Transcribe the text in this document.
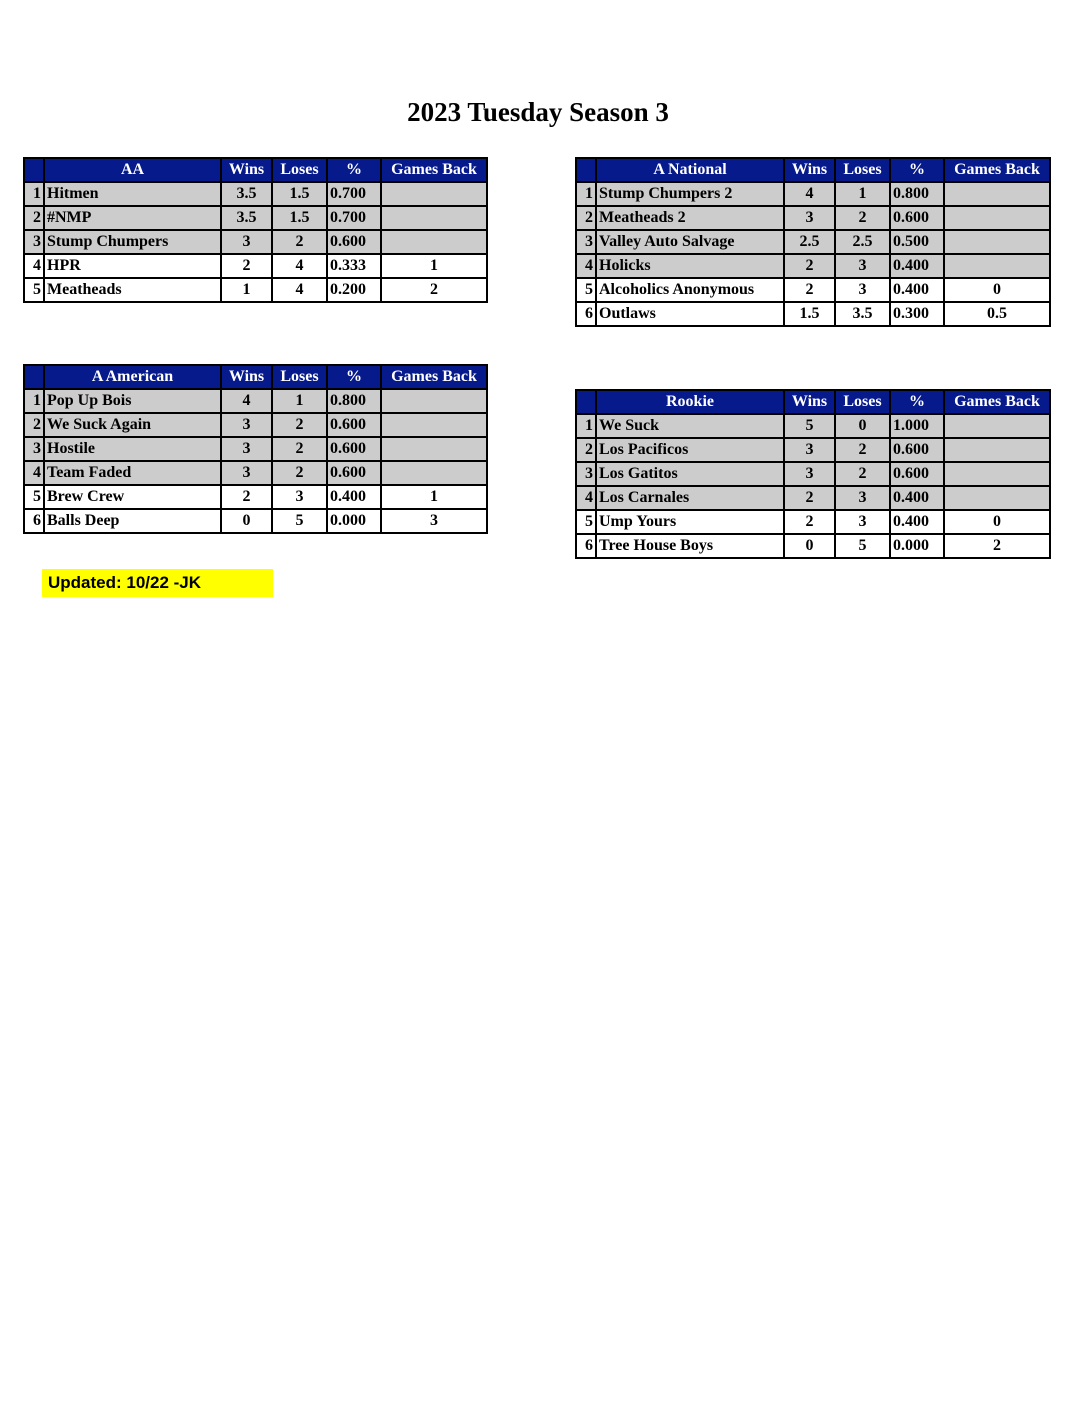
2023 Tuesday Season 3
	AA	Wins	Loses	%	Games Back
1	Hitmen	3.5	1.5	0.700	
2	#NMP	3.5	1.5	0.700	
3	Stump Chumpers	3	2	0.600	
4	HPR	2	4	0.333	1
5	Meatheads	1	4	0.200	2
	A National	Wins	Loses	%	Games Back
1	Stump Chumpers 2	4	1	0.800	
2	Meatheads 2	3	2	0.600	
3	Valley Auto Salvage	2.5	2.5	0.500	
4	Holicks	2	3	0.400	
5	Alcoholics Anonymous	2	3	0.400	0
6	Outlaws	1.5	3.5	0.300	0.5
	A American	Wins	Loses	%	Games Back
1	Pop Up Bois	4	1	0.800	
2	We Suck Again	3	2	0.600	
3	Hostile	3	2	0.600	
4	Team Faded	3	2	0.600	
5	Brew Crew	2	3	0.400	1
6	Balls Deep	0	5	0.000	3
	Rookie	Wins	Loses	%	Games Back
1	We Suck	5	0	1.000	
2	Los Pacificos	3	2	0.600	
3	Los Gatitos	3	2	0.600	
4	Los Carnales	2	3	0.400	
5	Ump Yours	2	3	0.400	0
6	Tree House Boys	0	5	0.000	2
Updated: 10/22 -JK
